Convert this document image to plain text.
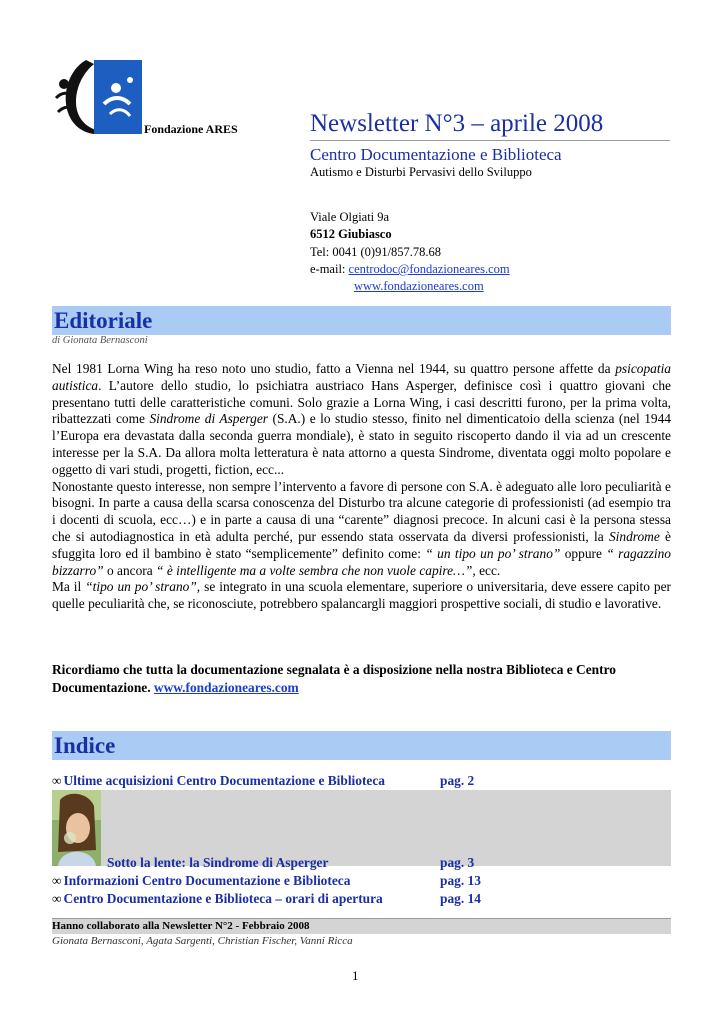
Fondazione ARES	Newsletter N°3 – aprile 2008
Centro Documentazione e Biblioteca
Autismo e Disturbi Pervasivi dello Sviluppo
Viale Olgiati 9a
6512 Giubiasco
Tel: 0041 (0)91/857.78.68
e-mail: centrodoc@fondazioneares.com
www.fondazioneares.com
Editoriale
di Gionata Bernasconi

Nel 1981 Lorna Wing ha reso noto uno studio, fatto a Vienna nel 1944, su quattro persone affette da psicopatia autistica. L’autore dello studio, lo psichiatra austriaco Hans Asperger, definisce così i quattro giovani che presentano tutti delle caratteristiche comuni. Solo grazie a Lorna Wing, i casi descritti furono, per la prima volta, ribattezzati come Sindrome di Asperger (S.A.) e lo studio stesso, finito nel dimenticatoio della scienza (nel 1944 l’Europa era devastata dalla seconda guerra mondiale), è stato in seguito riscoperto dando il via ad un crescente interesse per la S.A. Da allora molta letteratura è nata attorno a questa Sindrome, diventata oggi molto popolare e oggetto di vari studi, progetti, fiction, ecc...

Nonostante questo interesse, non sempre l’intervento a favore di persone con S.A. è adeguato alle loro peculiarità e bisogni. In parte a causa della scarsa conoscenza del Disturbo tra alcune categorie di professionisti (ad esempio tra i docenti di scuola, ecc…) e in parte a causa di una “carente” diagnosi precoce. In alcuni casi è la persona stessa che si autodiagnostica in età adulta perché, pur essendo stata osservata da diversi professionisti, la Sindrome è sfuggita loro ed il bambino è stato “semplicemente” definito come: “ un tipo un po’ strano” oppure “ ragazzino bizzarro” o ancora “ è intelligente ma a volte sembra che non vuole capire…”, ecc.

Ma il “tipo un po’ strano”, se integrato in una scuola elementare, superiore o universitaria, deve essere capito per quelle peculiarità che, se riconosciute, potrebbero spalancargli maggiori prospettive sociali, di studio e lavorative.

Ricordiamo che tutta la documentazione segnalata è a disposizione nella nostra Biblioteca e Centro Documentazione. www.fondazioneares.com
Indice
∞ Ultime acquisizioni Centro Documentazione e Biblioteca	pag. 2
Sotto la lente: la Sindrome di Asperger	pag. 3
∞ Informazioni Centro Documentazione e Biblioteca	pag. 13
∞ Centro Documentazione e Biblioteca – orari di apertura	pag. 14
Hanno collaborato alla Newsletter N°2 - Febbraio 2008
Gionata Bernasconi, Agata Sargenti, Christian Fischer, Vanni Ricca
1
